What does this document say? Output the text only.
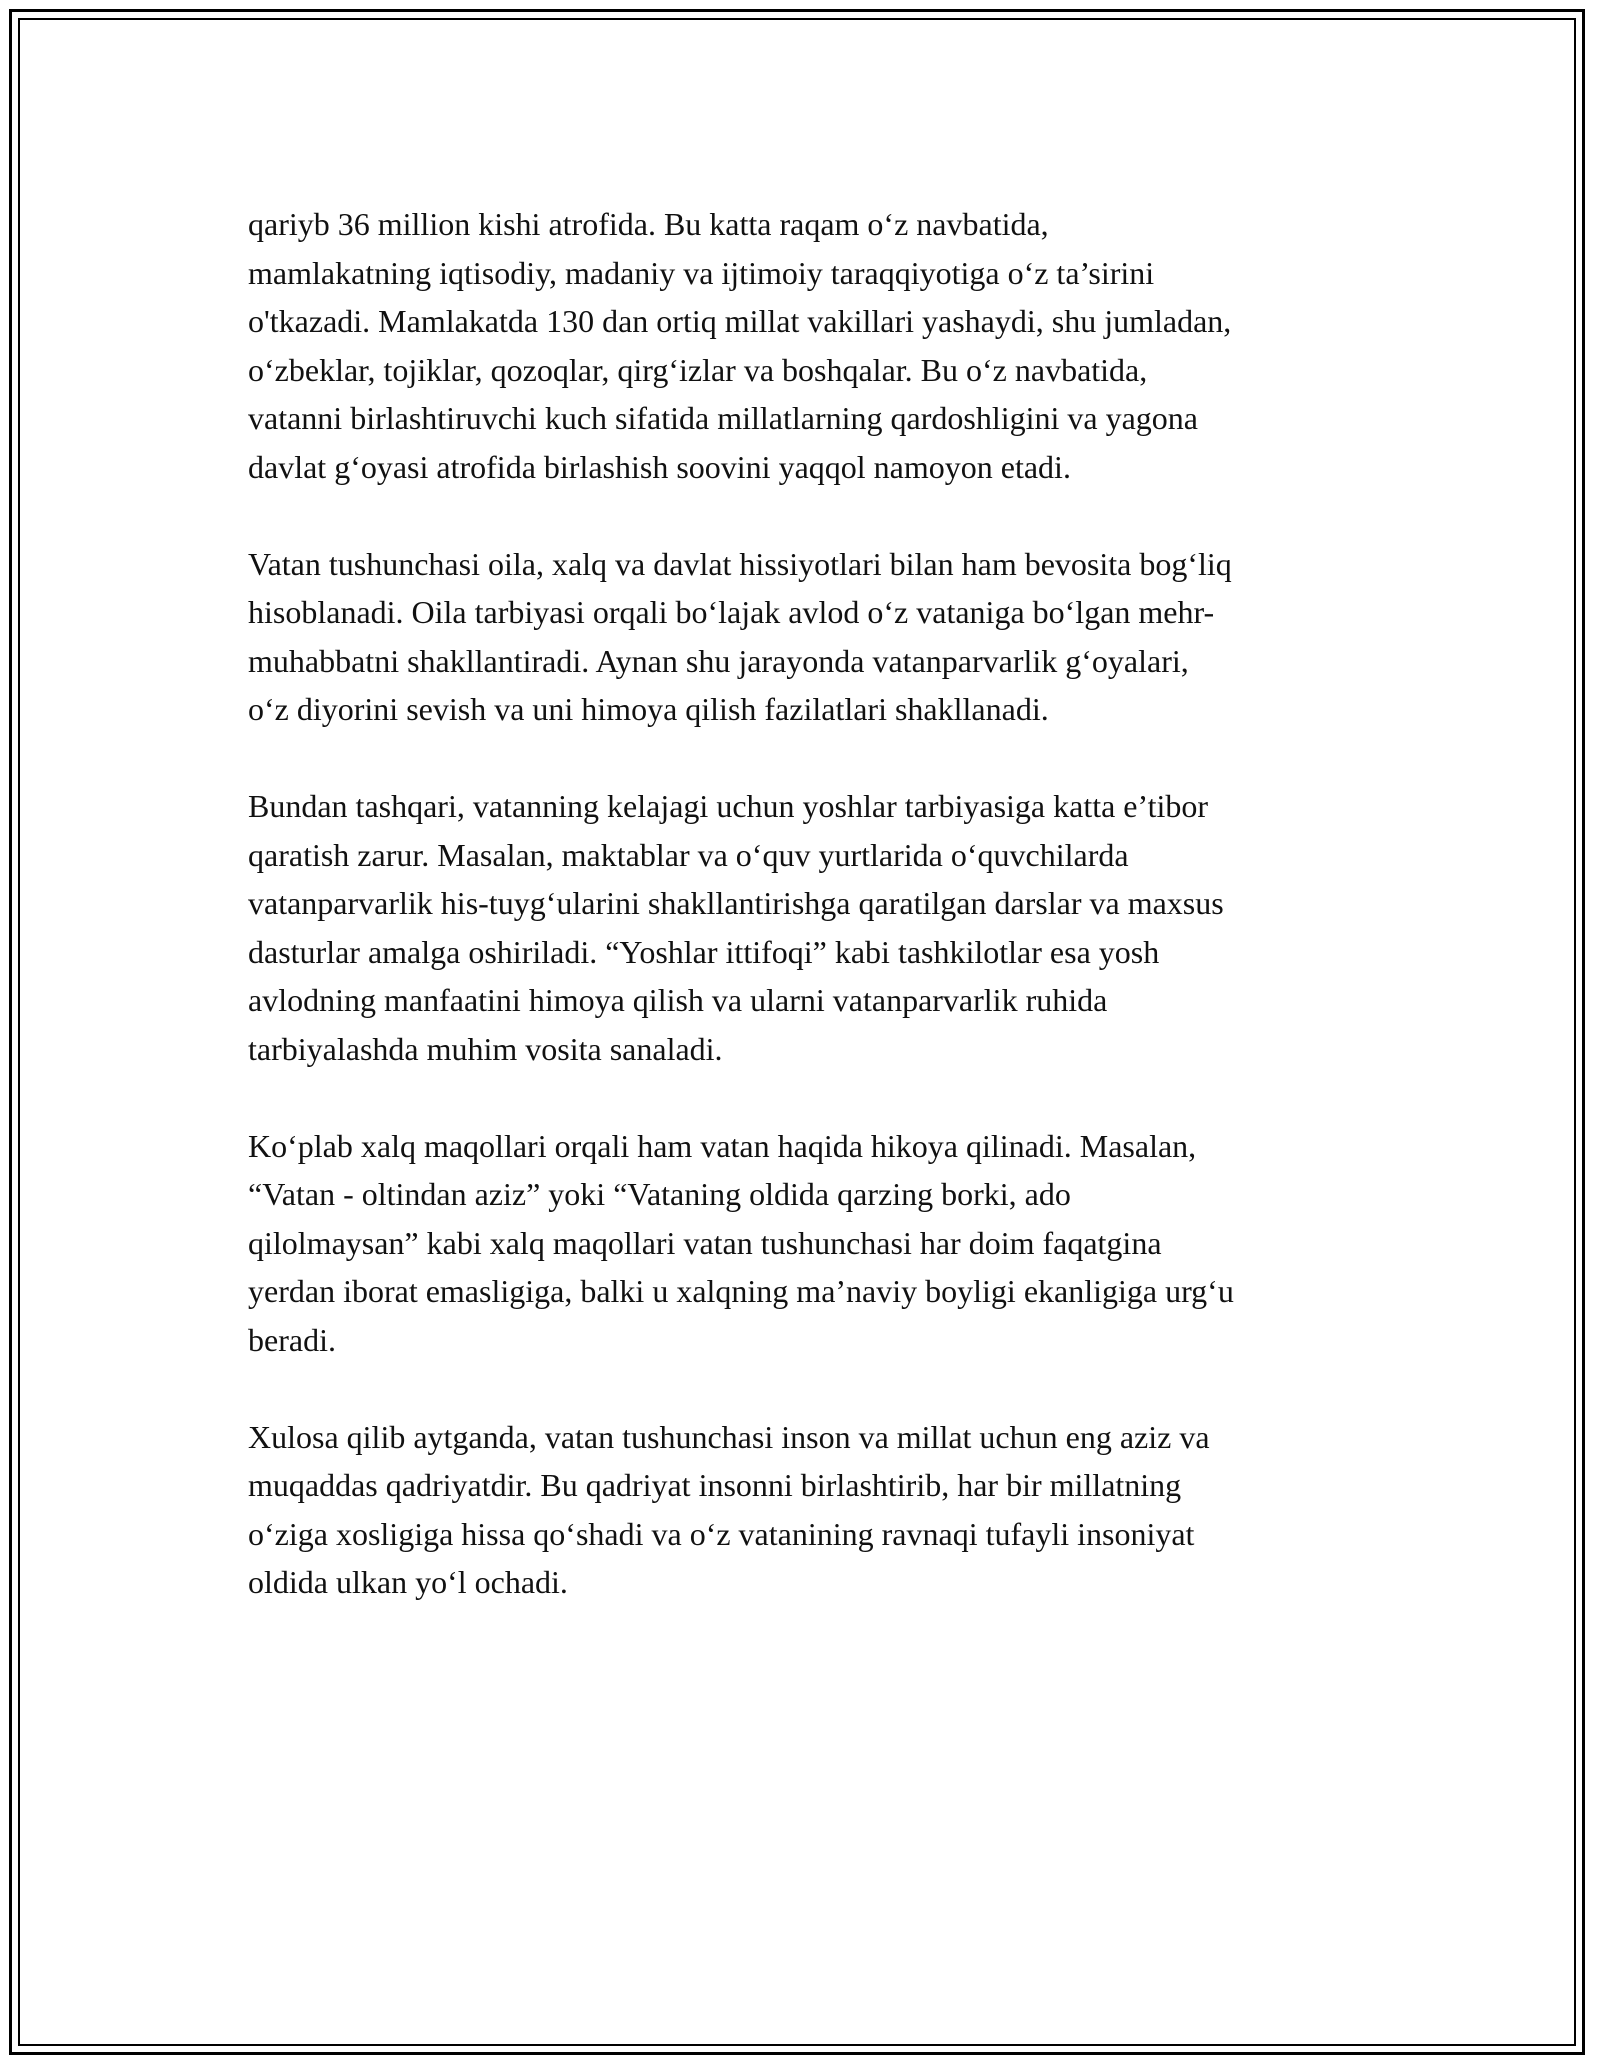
qariyb 36 million kishi atrofida. Bu katta raqam o‘z navbatida,
mamlakatning iqtisodiy, madaniy va ijtimoiy taraqqiyotiga o‘z ta’sirini
o'tkazadi. Mamlakatda 130 dan ortiq millat vakillari yashaydi, shu jumladan,
o‘zbeklar, tojiklar, qozoqlar, qirg‘izlar va boshqalar. Bu o‘z navbatida,
vatanni birlashtiruvchi kuch sifatida millatlarning qardoshligini va yagona
davlat g‘oyasi atrofida birlashish soovini yaqqol namoyon etadi.

Vatan tushunchasi oila, xalq va davlat hissiyotlari bilan ham bevosita bog‘liq
hisoblanadi. Oila tarbiyasi orqali bo‘lajak avlod o‘z vataniga bo‘lgan mehr-
muhabbatni shakllantiradi. Aynan shu jarayonda vatanparvarlik g‘oyalari,
o‘z diyorini sevish va uni himoya qilish fazilatlari shakllanadi.

Bundan tashqari, vatanning kelajagi uchun yoshlar tarbiyasiga katta e’tibor
qaratish zarur. Masalan, maktablar va o‘quv yurtlarida o‘quvchilarda
vatanparvarlik his-tuyg‘ularini shakllantirishga qaratilgan darslar va maxsus
dasturlar amalga oshiriladi. “Yoshlar ittifoqi” kabi tashkilotlar esa yosh
avlodning manfaatini himoya qilish va ularni vatanparvarlik ruhida
tarbiyalashda muhim vosita sanaladi.

Ko‘plab xalq maqollari orqali ham vatan haqida hikoya qilinadi. Masalan,
“Vatan - oltindan aziz” yoki “Vataning oldida qarzing borki, ado
qilolmaysan” kabi xalq maqollari vatan tushunchasi har doim faqatgina
yerdan iborat emasligiga, balki u xalqning ma’naviy boyligi ekanligiga urg‘u
beradi.

Xulosa qilib aytganda, vatan tushunchasi inson va millat uchun eng aziz va
muqaddas qadriyatdir. Bu qadriyat insonni birlashtirib, har bir millatning
o‘ziga xosligiga hissa qo‘shadi va o‘z vatanining ravnaqi tufayli insoniyat
oldida ulkan yo‘l ochadi.
